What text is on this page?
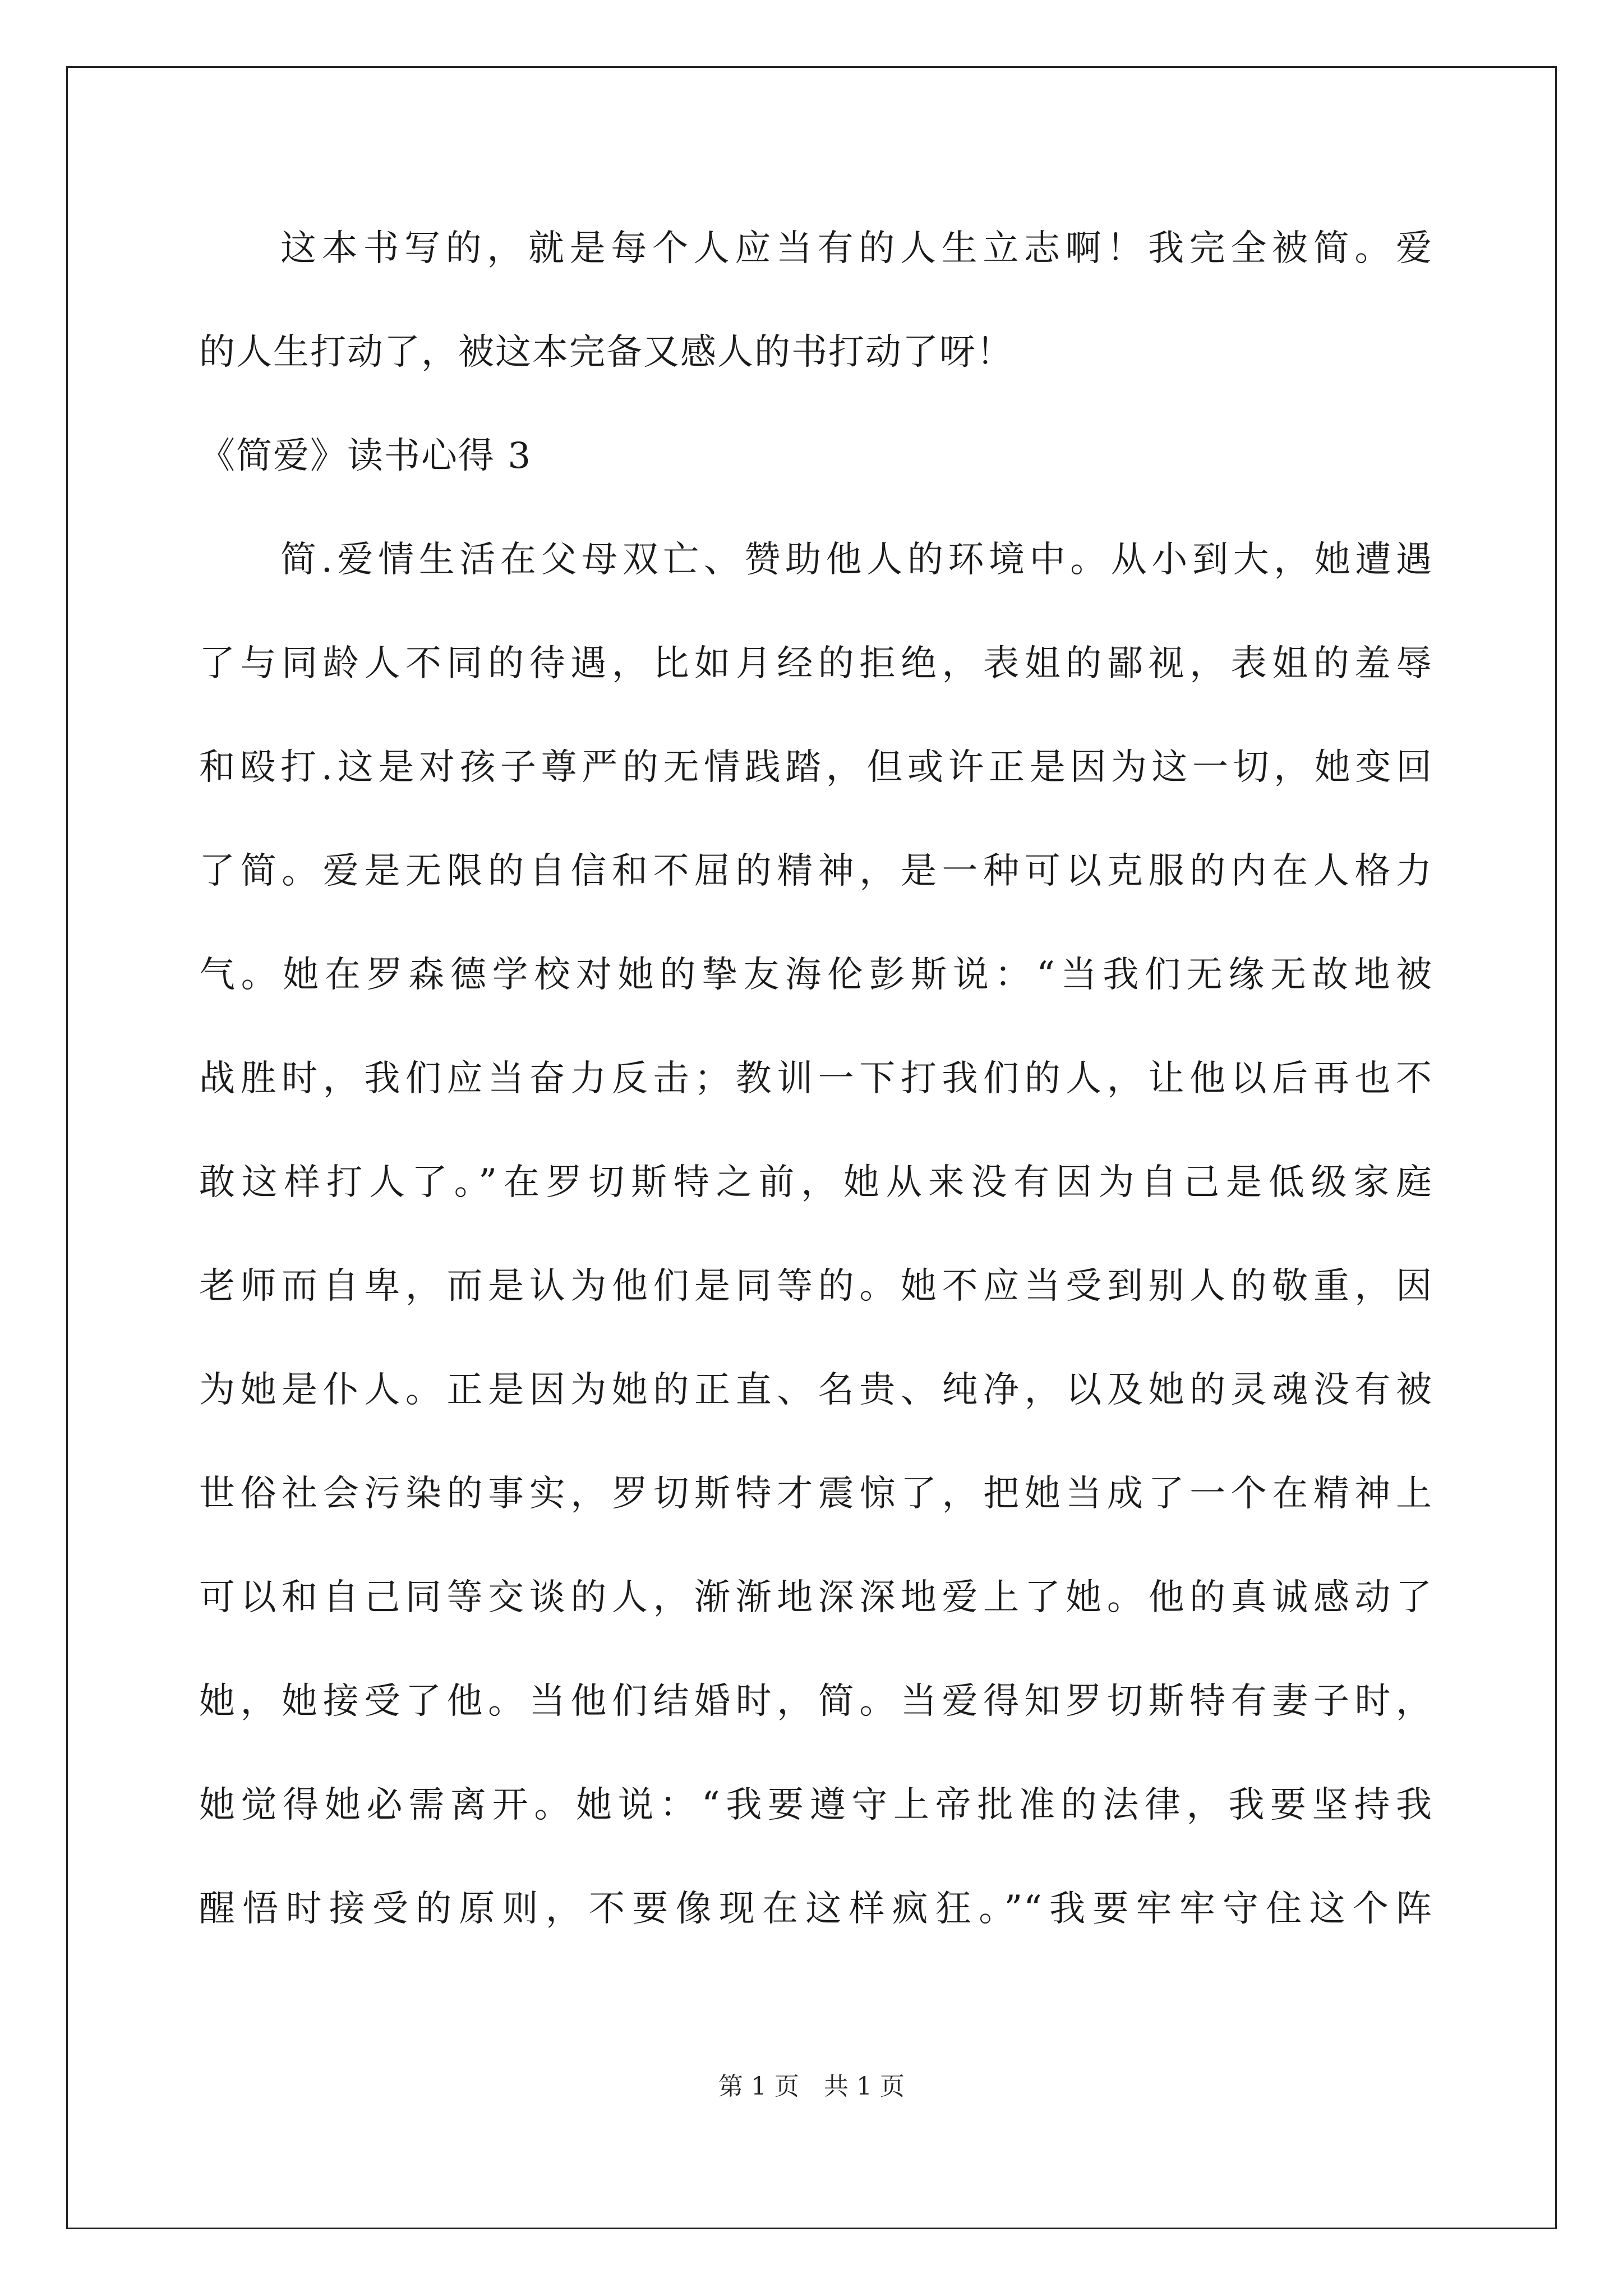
这本书写的，就是每个人应当有的人生立志啊！我完全被简。爱
的人生打动了，被这本完备又感人的书打动了呀！
《简爱》读书心得 3
简.爱情生活在父母双亡、赞助他人的环境中。从小到大，她遭遇
了与同龄人不同的待遇，比如月经的拒绝，表姐的鄙视，表姐的羞辱
和殴打.这是对孩子尊严的无情践踏，但或许正是因为这一切，她变回
了简。爱是无限的自信和不屈的精神，是一种可以克服的内在人格力
气。她在罗森德学校对她的挚友海伦彭斯说：“当我们无缘无故地被
战胜时，我们应当奋力反击；教训一下打我们的人，让他以后再也不
敢这样打人了。”在罗切斯特之前，她从来没有因为自己是低级家庭
老师而自卑，而是认为他们是同等的。她不应当受到别人的敬重，因
为她是仆人。正是因为她的正直、名贵、纯净，以及她的灵魂没有被
世俗社会污染的事实，罗切斯特才震惊了，把她当成了一个在精神上
可以和自己同等交谈的人，渐渐地深深地爱上了她。他的真诚感动了
她，她接受了他。当他们结婚时，简。当爱得知罗切斯特有妻子时，
她觉得她必需离开。她说：“我要遵守上帝批准的法律，我要坚持我
醒悟时接受的原则，不要像现在这样疯狂。”“我要牢牢守住这个阵
第 1 页　共 1 页
